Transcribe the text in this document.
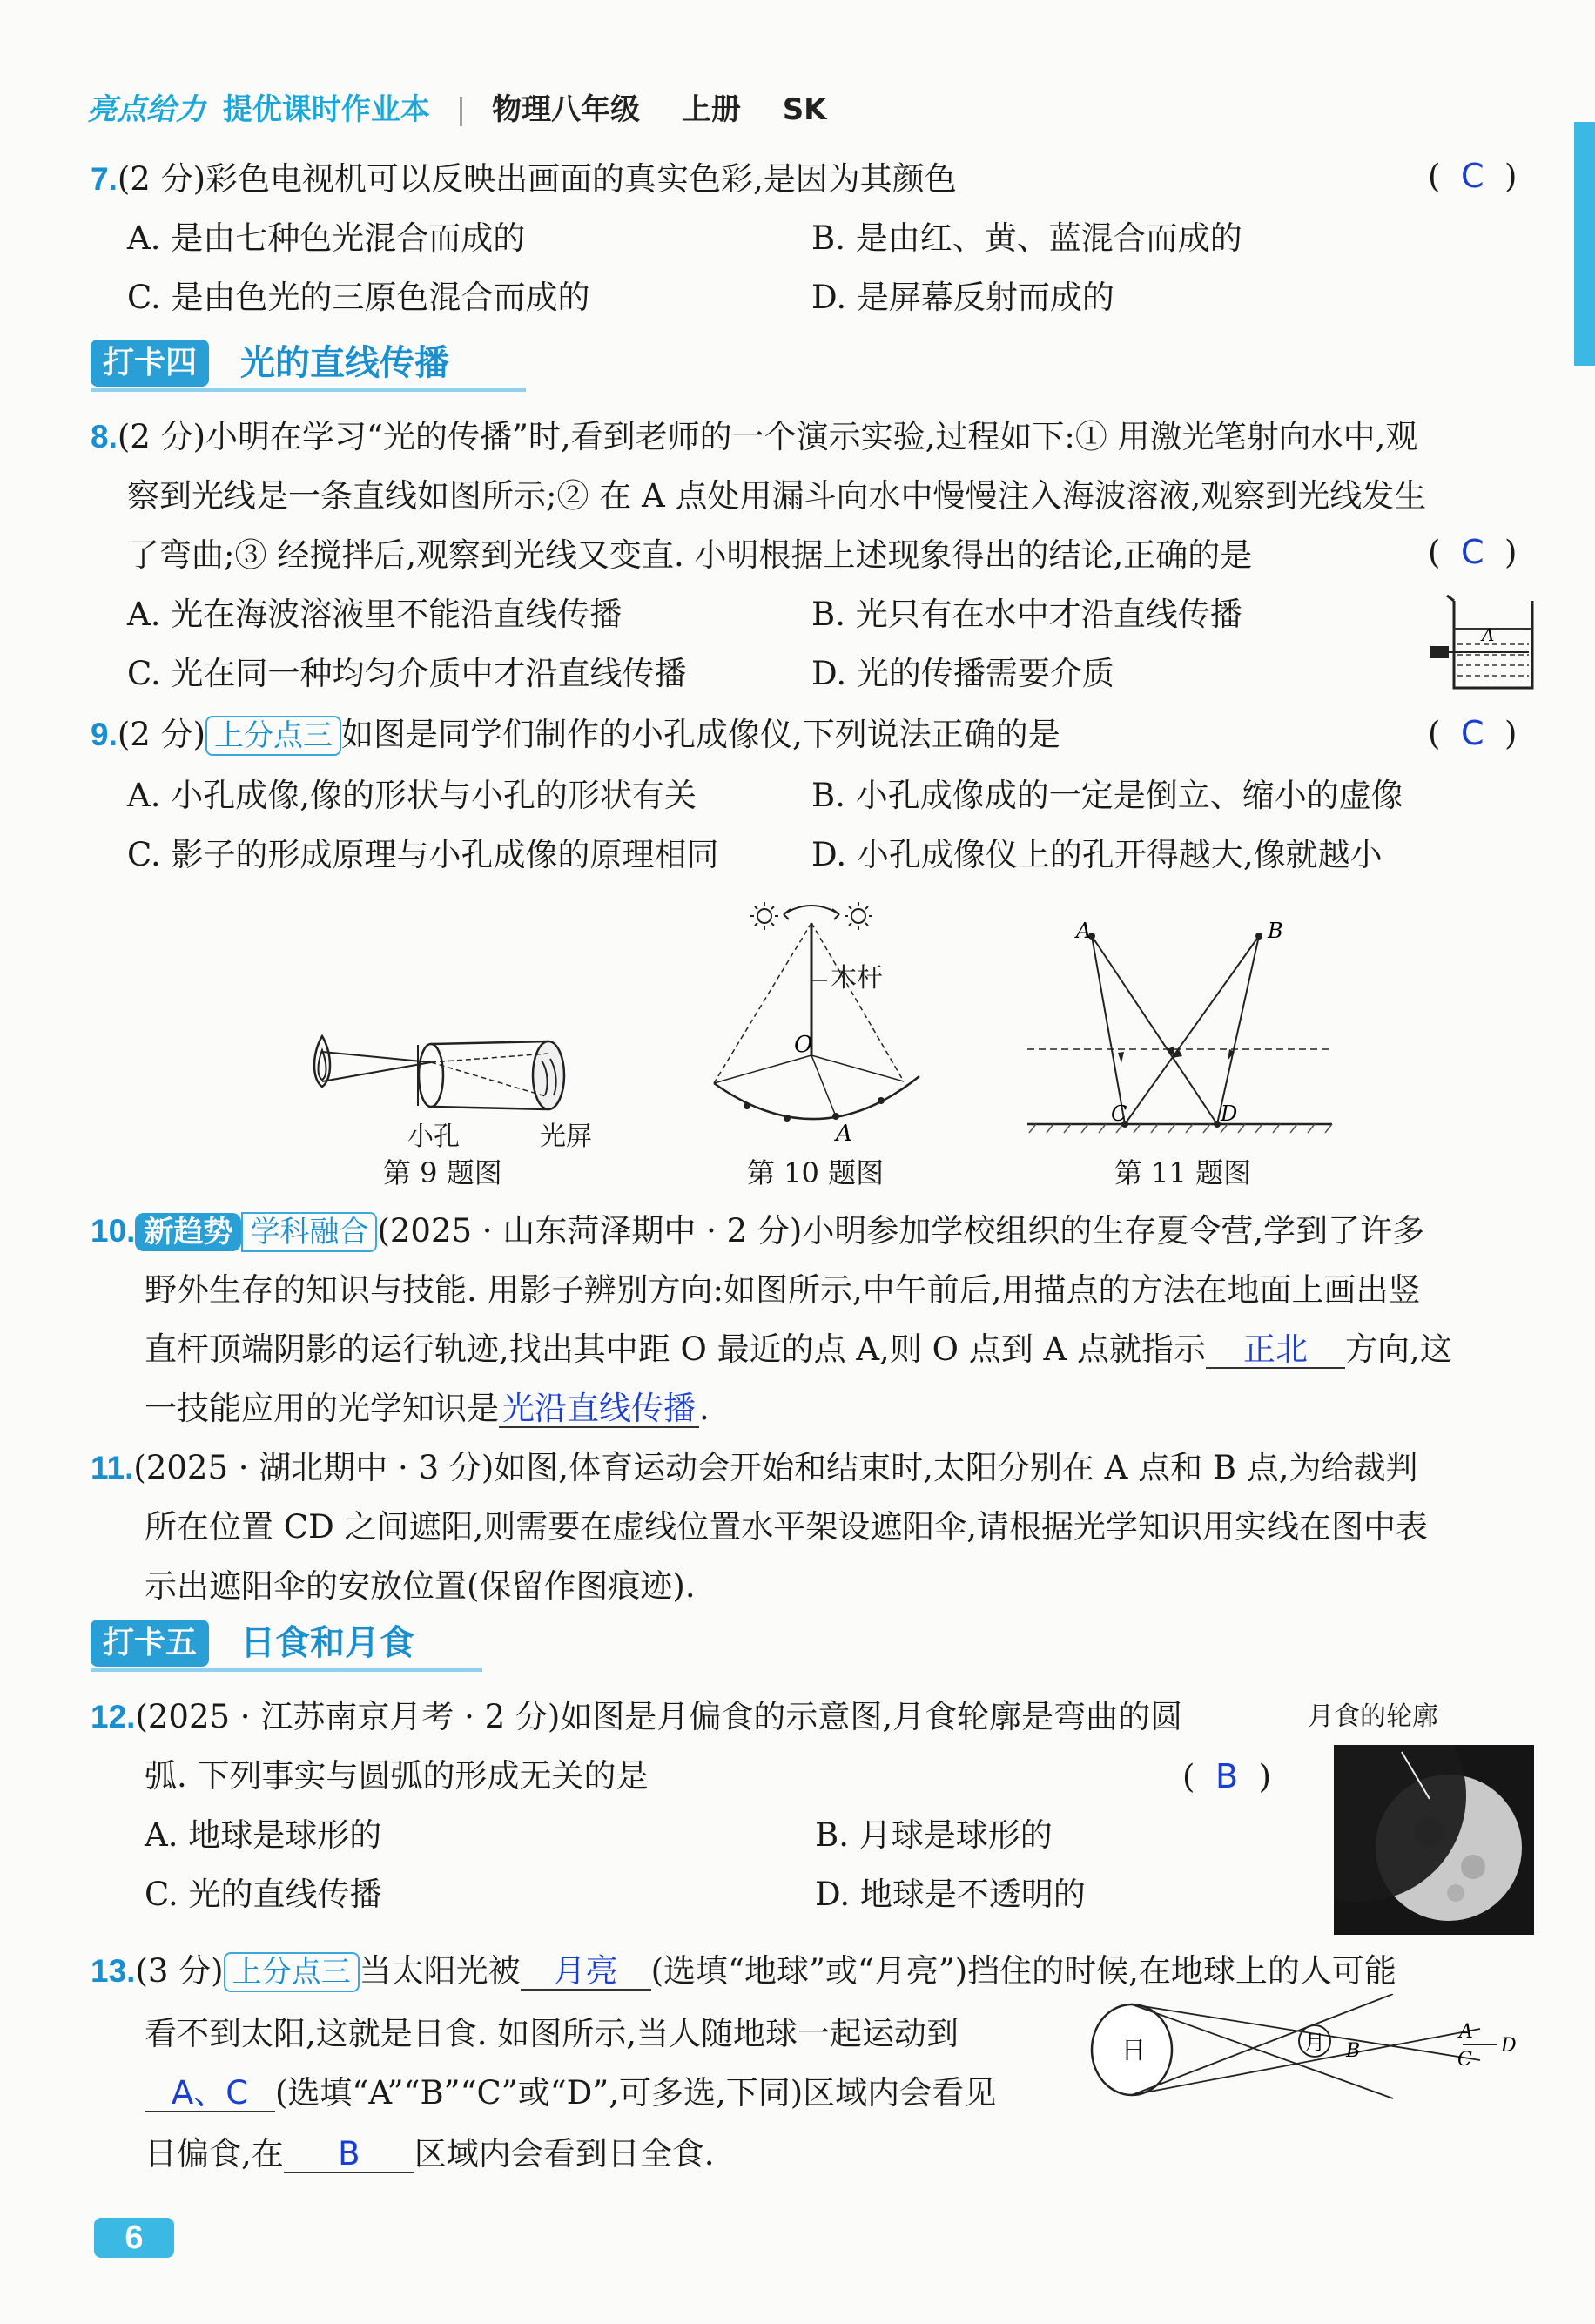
亮点给力 提优课时作业本 | 物理八年级 上册 SK
7.(2 分)彩色电视机可以反映出画面的真实色彩,是因为其颜色	(  C  )
A. 是由七种色光混合而成的	B. 是由红、黄、蓝混合而成的
C. 是由色光的三原色混合而成的	D. 是屏幕反射而成的
打卡四	光的直线传播
8.(2 分)小明在学习“光的传播”时,看到老师的一个演示实验,过程如下:① 用激光笔射向水中,观
察到光线是一条直线如图所示;② 在 A 点处用漏斗向水中慢慢注入海波溶液,观察到光线发生
了弯曲;③ 经搅拌后,观察到光线又变直. 小明根据上述现象得出的结论,正确的是	(  C  )
A. 光在海波溶液里不能沿直线传播	B. 光只有在水中才沿直线传播
C. 光在同一种均匀介质中才沿直线传播	D. 光的传播需要介质
A
9.(2 分) 上分点三 如图是同学们制作的小孔成像仪,下列说法正确的是	(  C  )
A. 小孔成像,像的形状与小孔的形状有关	B. 小孔成像成的一定是倒立、缩小的虚像
C. 影子的形成原理与小孔成像的原理相同	D. 小孔成像仪上的孔开得越大,像就越小
小孔	光屏
第 9 题图
O
A
木杆
第 10 题图
A	B
C	D
第 11 题图
10. 新趋势 学科融合 (2025 · 山东菏泽期中 · 2 分)小明参加学校组织的生存夏令营,学到了许多
野外生存的知识与技能. 用影子辨别方向:如图所示,中午前后,用描点的方法在地面上画出竖
直杆顶端阴影的运行轨迹,找出其中距 O 最近的点 A,则 O 点到 A 点就指示 正北 方向,这
一技能应用的光学知识是 光沿直线传播 .
11.(2025 · 湖北期中 · 3 分)如图,体育运动会开始和结束时,太阳分别在 A 点和 B 点,为给裁判
所在位置 CD 之间遮阳,则需要在虚线位置水平架设遮阳伞,请根据光学知识用实线在图中表
示出遮阳伞的安放位置(保留作图痕迹).
打卡五	日食和月食
12.(2025 · 江苏南京月考 · 2 分)如图是月偏食的示意图,月食轮廓是弯曲的圆
弧. 下列事实与圆弧的形成无关的是	(  B  )
A. 地球是球形的	B. 月球是球形的
C. 光的直线传播	D. 地球是不透明的
月食的轮廓
13.(3 分) 上分点三 当太阳光被 月亮 (选填“地球”或“月亮”)挡住的时候,在地球上的人可能
看不到太阳,这就是日食. 如图所示,当人随地球一起运动到
A、C (选填“A”“B”“C”或“D”,可多选,下同)区域内会看见
日偏食,在 B 区域内会看到日全食.
日	月 B
A
C
D
6
